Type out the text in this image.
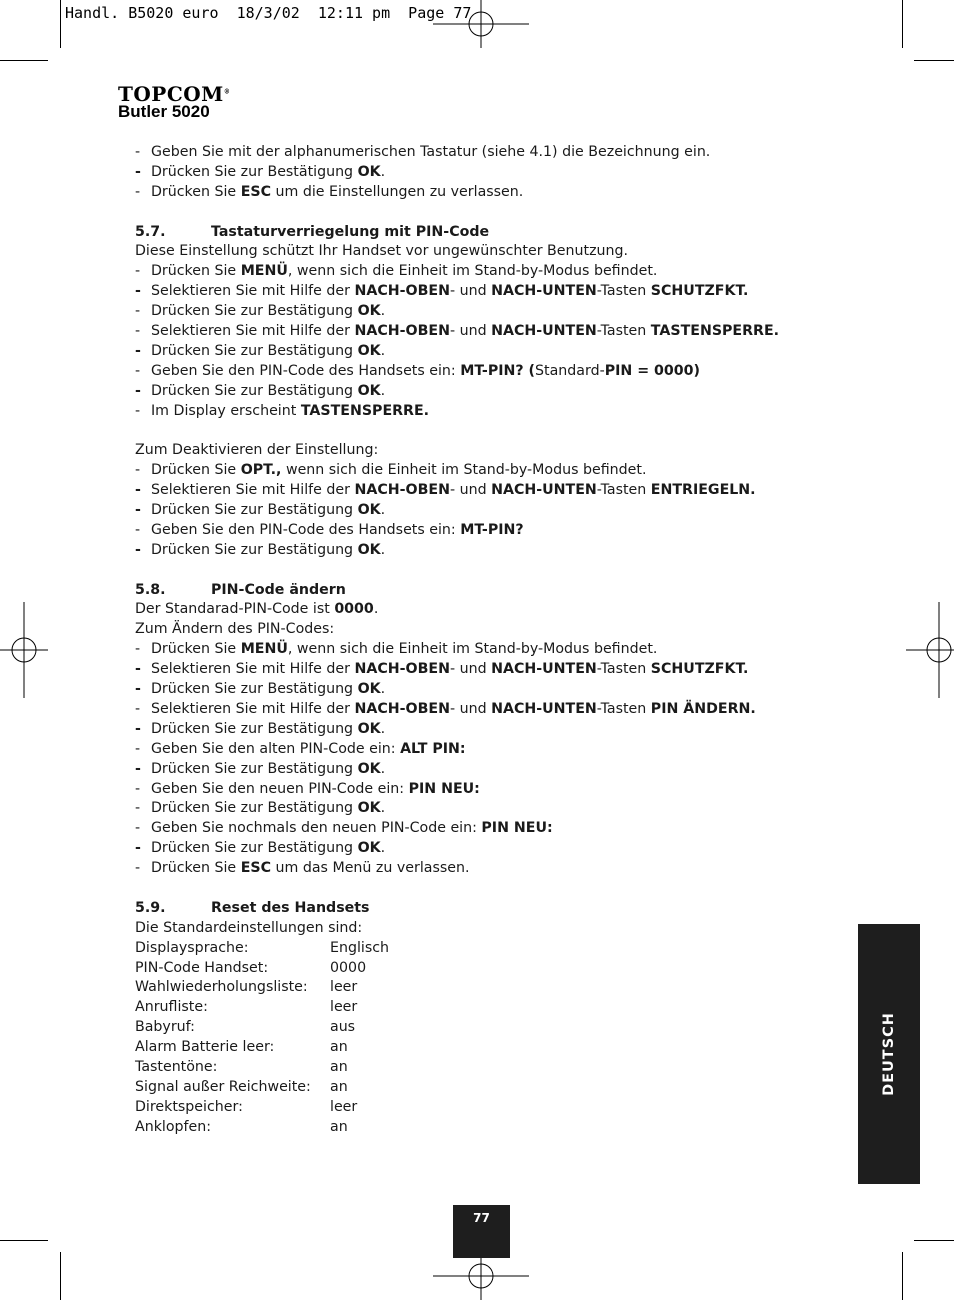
Handl. B5020 euro  18/3/02  12:11 pm  Page 77
TOPCOM®
Butler 5020
- Geben Sie mit der alphanumerischen Tastatur (siehe 4.1) die Bezeichnung ein.
- Drücken Sie zur Bestätigung OK.
- Drücken Sie ESC um die Einstellungen zu verlassen.
5.7.	Tastaturverriegelung mit PIN-Code
Diese Einstellung schützt Ihr Handset vor ungewünschter Benutzung.
- Drücken Sie MENÜ, wenn sich die Einheit im Stand-by-Modus befindet.
- Selektieren Sie mit Hilfe der NACH-OBEN- und NACH-UNTEN-Tasten SCHUTZFKT.
- Drücken Sie zur Bestätigung OK.
- Selektieren Sie mit Hilfe der NACH-OBEN- und NACH-UNTEN-Tasten TASTENSPERRE.
- Drücken Sie zur Bestätigung OK.
- Geben Sie den PIN-Code des Handsets ein: MT-PIN? (Standard-PIN = 0000)
- Drücken Sie zur Bestätigung OK.
- Im Display erscheint TASTENSPERRE.
Zum Deaktivieren der Einstellung:
- Drücken Sie OPT., wenn sich die Einheit im Stand-by-Modus befindet.
- Selektieren Sie mit Hilfe der NACH-OBEN- und NACH-UNTEN-Tasten ENTRIEGELN.
- Drücken Sie zur Bestätigung OK.
- Geben Sie den PIN-Code des Handsets ein: MT-PIN?
- Drücken Sie zur Bestätigung OK.
5.8.	PIN-Code ändern
Der Standarad-PIN-Code ist 0000.
Zum Ändern des PIN-Codes:
- Drücken Sie MENÜ, wenn sich die Einheit im Stand-by-Modus befindet.
- Selektieren Sie mit Hilfe der NACH-OBEN- und NACH-UNTEN-Tasten SCHUTZFKT.
- Drücken Sie zur Bestätigung OK.
- Selektieren Sie mit Hilfe der NACH-OBEN- und NACH-UNTEN-Tasten PIN ÄNDERN.
- Drücken Sie zur Bestätigung OK.
- Geben Sie den alten PIN-Code ein: ALT PIN:
- Drücken Sie zur Bestätigung OK.
- Geben Sie den neuen PIN-Code ein: PIN NEU:
- Drücken Sie zur Bestätigung OK.
- Geben Sie nochmals den neuen PIN-Code ein: PIN NEU:
- Drücken Sie zur Bestätigung OK.
- Drücken Sie ESC um das Menü zu verlassen.
5.9.	Reset des Handsets
Die Standardeinstellungen sind:
Displaysprache:	Englisch
PIN-Code Handset:	0000
Wahlwiederholungsliste: leer
Anrufliste:	leer
Babyruf:	aus
Alarm Batterie leer:	an
Tastentöne:	an
Signal außer Reichweite: an
Direktspeicher:	leer
Anklopfen:	an
DEUTSCH
77
